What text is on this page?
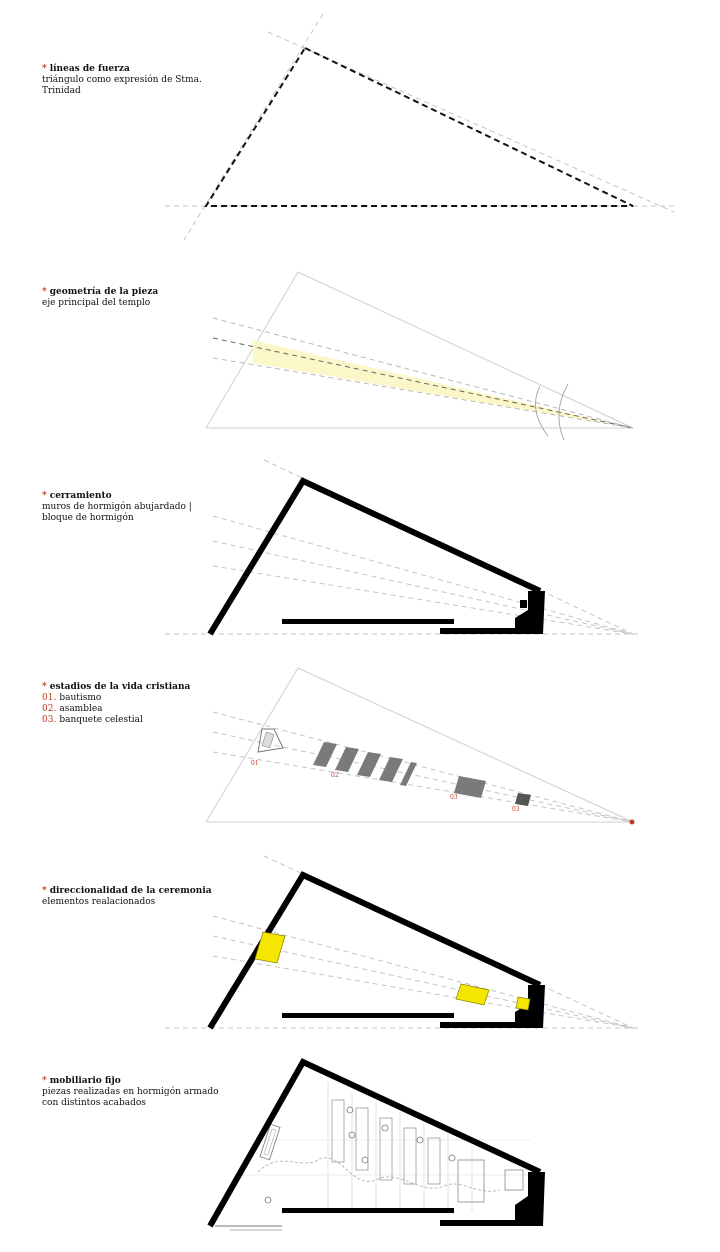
* líneas de fuerza
triángulo como expresión de Stma. Trinidad
* geometría de la pieza
eje principal del templo
* cerramiento
muros de hormigón abujardado |
bloque de hormigón
* estadios de la vida cristiana
01. bautismo
02. asamblea
03. banquete celestial
* direccionalidad de la ceremonia
elementos realacionados
* mobiliario fijo
piezas realizadas en hormigón armado
con distintos acabados
01
02
03
03
